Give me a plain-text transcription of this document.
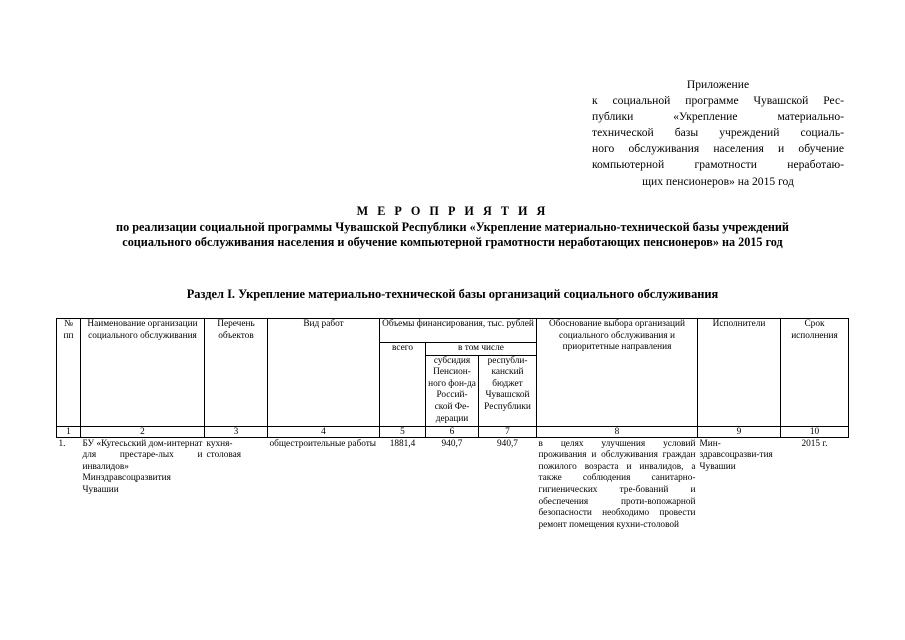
Приложение
к социальной программе Чувашской Рес-
публики «Укрепление материально-
технической базы учреждений социаль-
ного обслуживания населения и обучение
компьютерной грамотности неработаю-
щих пенсионеров» на 2015 год
М Е Р О П Р И Я Т И Я
по реализации социальной программы Чувашской Республики «Укрепление материально-технической базы учреждений
социального обслуживания населения и обучение компьютерной грамотности неработающих пенсионеров» на 2015 год
Раздел I. Укрепление материально-технической базы организаций социального обслуживания
№ пп	Наименование организации социального обслуживания	Перечень объектов	Вид работ	Объемы финансирования, тыс. рублей			Обоснование выбора организаций социального обслуживания и приоритетные направления	Исполнители	Срок исполнения
				всего	в том числе				
					субсидия Пенсион-ного фон-да Россий-ской Фе-дерации	республи-канский бюджет Чувашской Республики			
1	2	3	4	5	6	7	8	9	10
1.	БУ «Кугесьский дом-интернат для престаре-лых и инвалидов» Минздравсоцразвития Чувашии	кухня-столовая	общестроительные работы	1881,4	940,7	940,7	в целях улучшения условий проживания и обслуживания граждан пожилого возраста и инвалидов, а также соблюдения санитарно-гигиенических тре-бований и обеспечения проти-вопожарной безопасности необходимо провести ремонт помещения кухни-столовой	Мин-здравсоцразви-тия Чувашии	2015 г.
